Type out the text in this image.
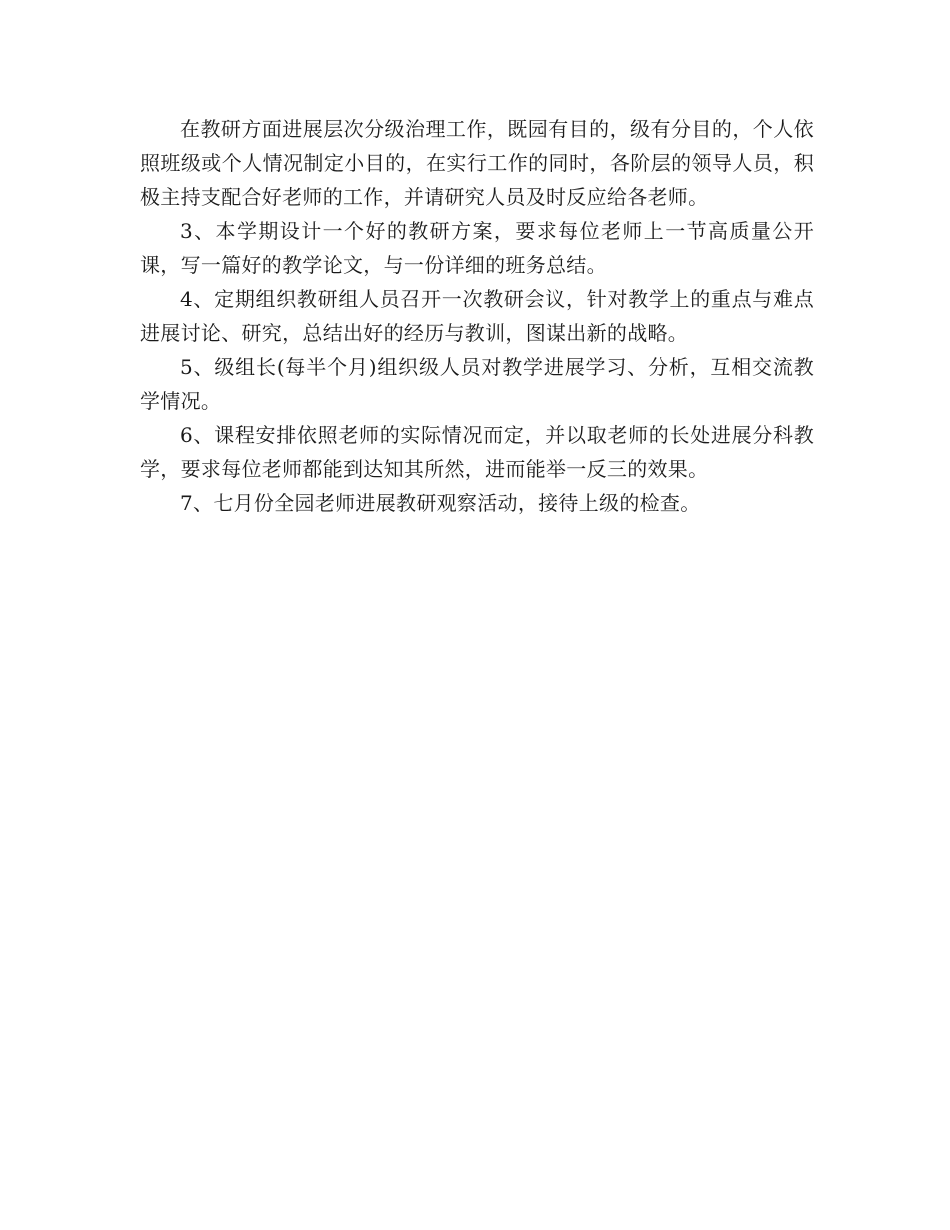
在教研方面进展层次分级治理工作，既园有目的，级有分目的，个人依照班级或个人情况制定小目的，在实行工作的同时，各阶层的领导人员，积极主持支配合好老师的工作，并请研究人员及时反应给各老师。

3、本学期设计一个好的教研方案，要求每位老师上一节高质量公开课，写一篇好的教学论文，与一份详细的班务总结。

4、定期组织教研组人员召开一次教研会议，针对教学上的重点与难点进展讨论、研究，总结出好的经历与教训，图谋出新的战略。

5、级组长(每半个月)组织级人员对教学进展学习、分析，互相交流教学情况。

6、课程安排依照老师的实际情况而定，并以取老师的长处进展分科教学，要求每位老师都能到达知其所然，进而能举一反三的效果。

7、七月份全园老师进展教研观察活动，接待上级的检查。
